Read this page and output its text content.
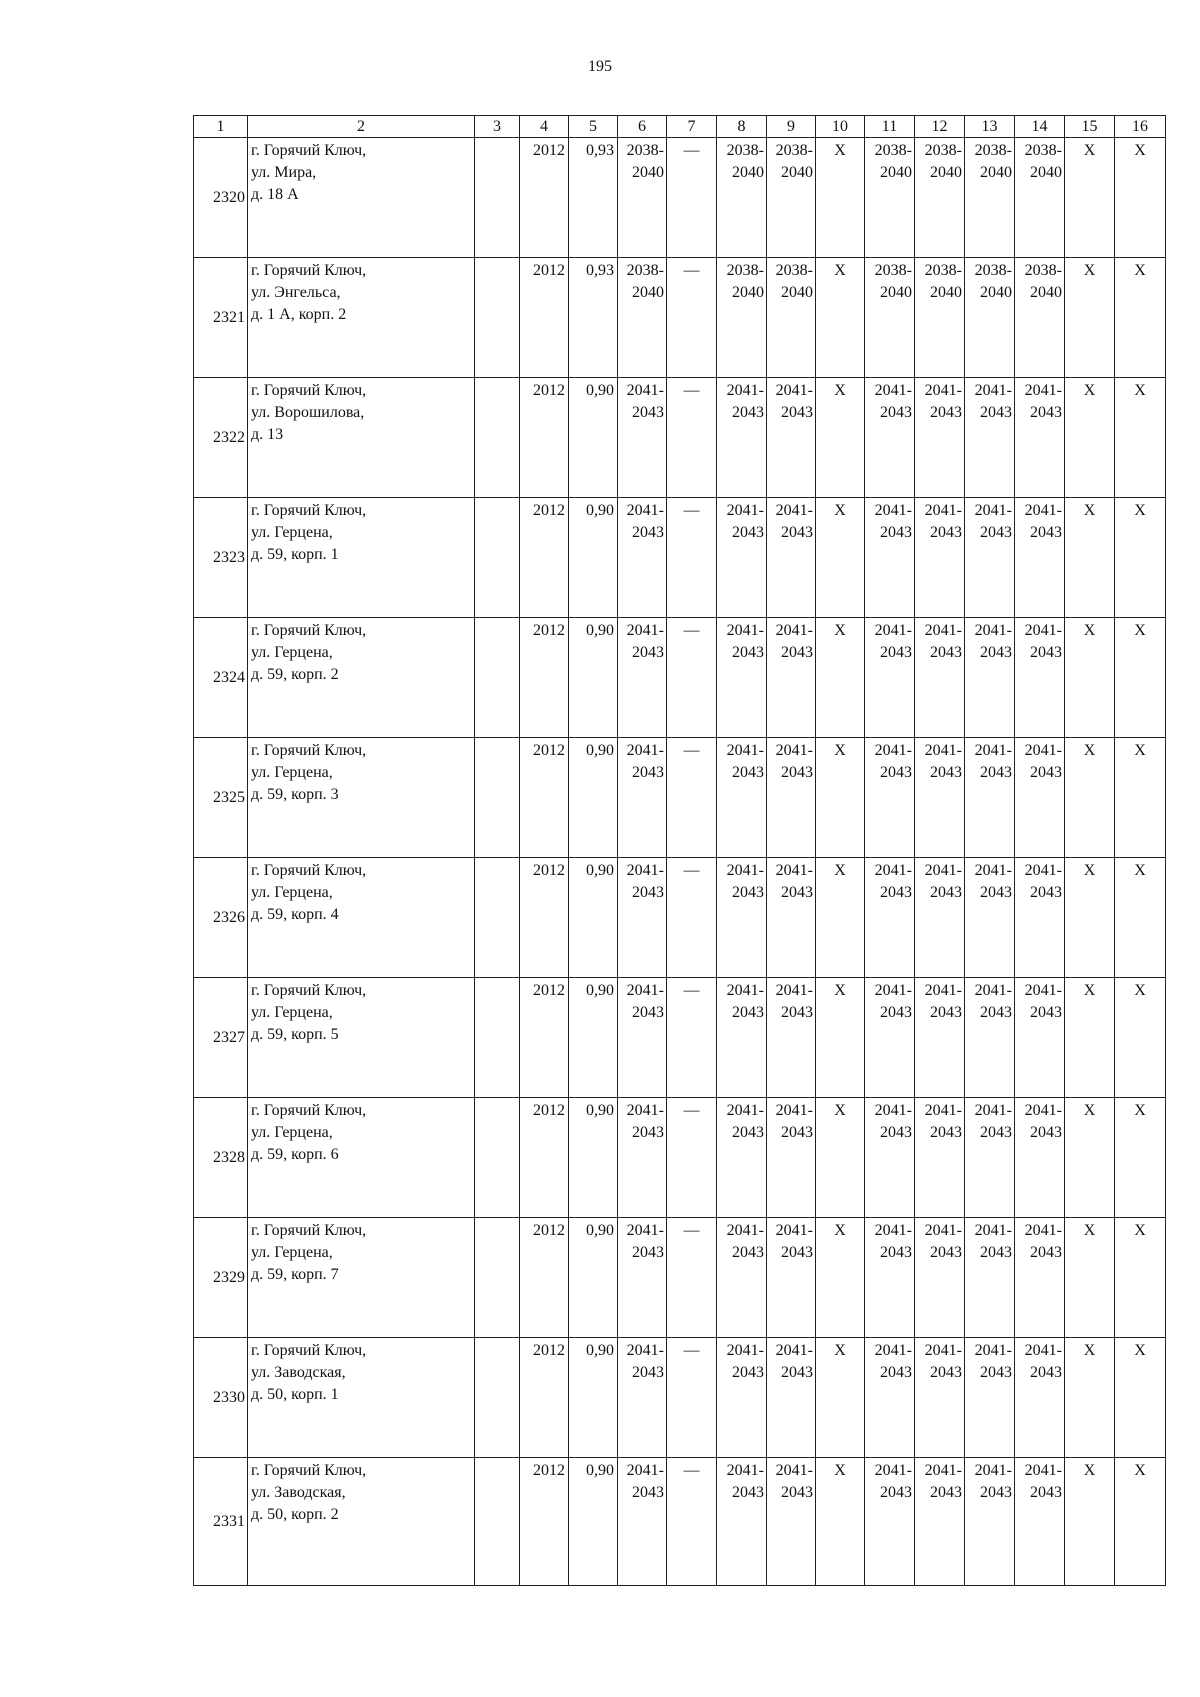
195
1	2	3	4	5	6	7	8	9	10	11	12	13	14	15	16
2320	г. Горячий Ключ,
ул. Мира,
д. 18 А		2012	0,93	2038-
2040	—	2038-
2040	2038-
2040	Х	2038-
2040	2038-
2040	2038-
2040	2038-
2040	Х	Х
2321	г. Горячий Ключ,
ул. Энгельса,
д. 1 А, корп. 2		2012	0,93	2038-
2040	—	2038-
2040	2038-
2040	Х	2038-
2040	2038-
2040	2038-
2040	2038-
2040	Х	Х
2322	г. Горячий Ключ,
ул. Ворошилова,
д. 13		2012	0,90	2041-
2043	—	2041-
2043	2041-
2043	Х	2041-
2043	2041-
2043	2041-
2043	2041-
2043	Х	Х
2323	г. Горячий Ключ,
ул. Герцена,
д. 59, корп. 1		2012	0,90	2041-
2043	—	2041-
2043	2041-
2043	Х	2041-
2043	2041-
2043	2041-
2043	2041-
2043	Х	Х
2324	г. Горячий Ключ,
ул. Герцена,
д. 59, корп. 2		2012	0,90	2041-
2043	—	2041-
2043	2041-
2043	Х	2041-
2043	2041-
2043	2041-
2043	2041-
2043	Х	Х
2325	г. Горячий Ключ,
ул. Герцена,
д. 59, корп. 3		2012	0,90	2041-
2043	—	2041-
2043	2041-
2043	Х	2041-
2043	2041-
2043	2041-
2043	2041-
2043	Х	Х
2326	г. Горячий Ключ,
ул. Герцена,
д. 59, корп. 4		2012	0,90	2041-
2043	—	2041-
2043	2041-
2043	Х	2041-
2043	2041-
2043	2041-
2043	2041-
2043	Х	Х
2327	г. Горячий Ключ,
ул. Герцена,
д. 59, корп. 5		2012	0,90	2041-
2043	—	2041-
2043	2041-
2043	Х	2041-
2043	2041-
2043	2041-
2043	2041-
2043	Х	Х
2328	г. Горячий Ключ,
ул. Герцена,
д. 59, корп. 6		2012	0,90	2041-
2043	—	2041-
2043	2041-
2043	Х	2041-
2043	2041-
2043	2041-
2043	2041-
2043	Х	Х
2329	г. Горячий Ключ,
ул. Герцена,
д. 59, корп. 7		2012	0,90	2041-
2043	—	2041-
2043	2041-
2043	Х	2041-
2043	2041-
2043	2041-
2043	2041-
2043	Х	Х
2330	г. Горячий Ключ,
ул. Заводская,
д. 50, корп. 1		2012	0,90	2041-
2043	—	2041-
2043	2041-
2043	Х	2041-
2043	2041-
2043	2041-
2043	2041-
2043	Х	Х
2331	г. Горячий Ключ,
ул. Заводская,
д. 50, корп. 2		2012	0,90	2041-
2043	—	2041-
2043	2041-
2043	Х	2041-
2043	2041-
2043	2041-
2043	2041-
2043	Х	Х
